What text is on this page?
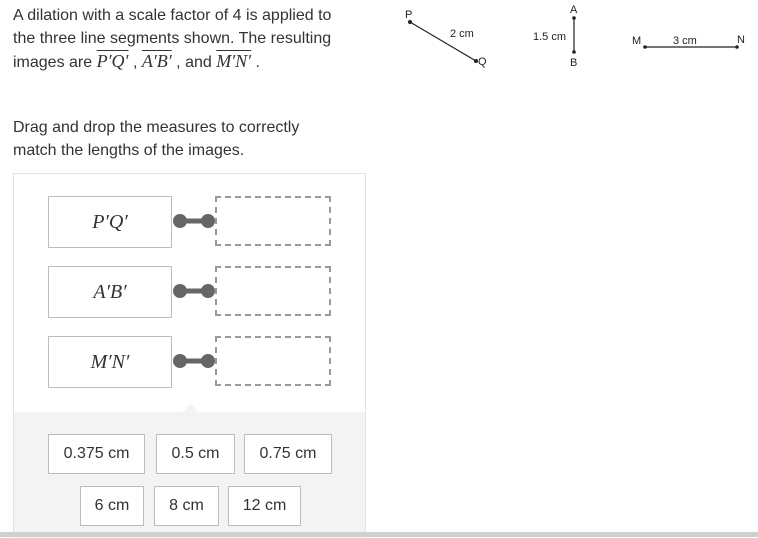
A dilation with a scale factor of 4 is applied to
the three line segments shown. The resulting
images are P′Q′ , A′B′ , and M′N′ .
P
Q
2 cm
A
B
1.5 cm	M	N
3 cm
Drag and drop the measures to correctly
match the lengths of the images.
P′Q′
A′B′
M′N′
0.375 cm	0.5 cm	0.75 cm
6 cm	8 cm	12 cm
